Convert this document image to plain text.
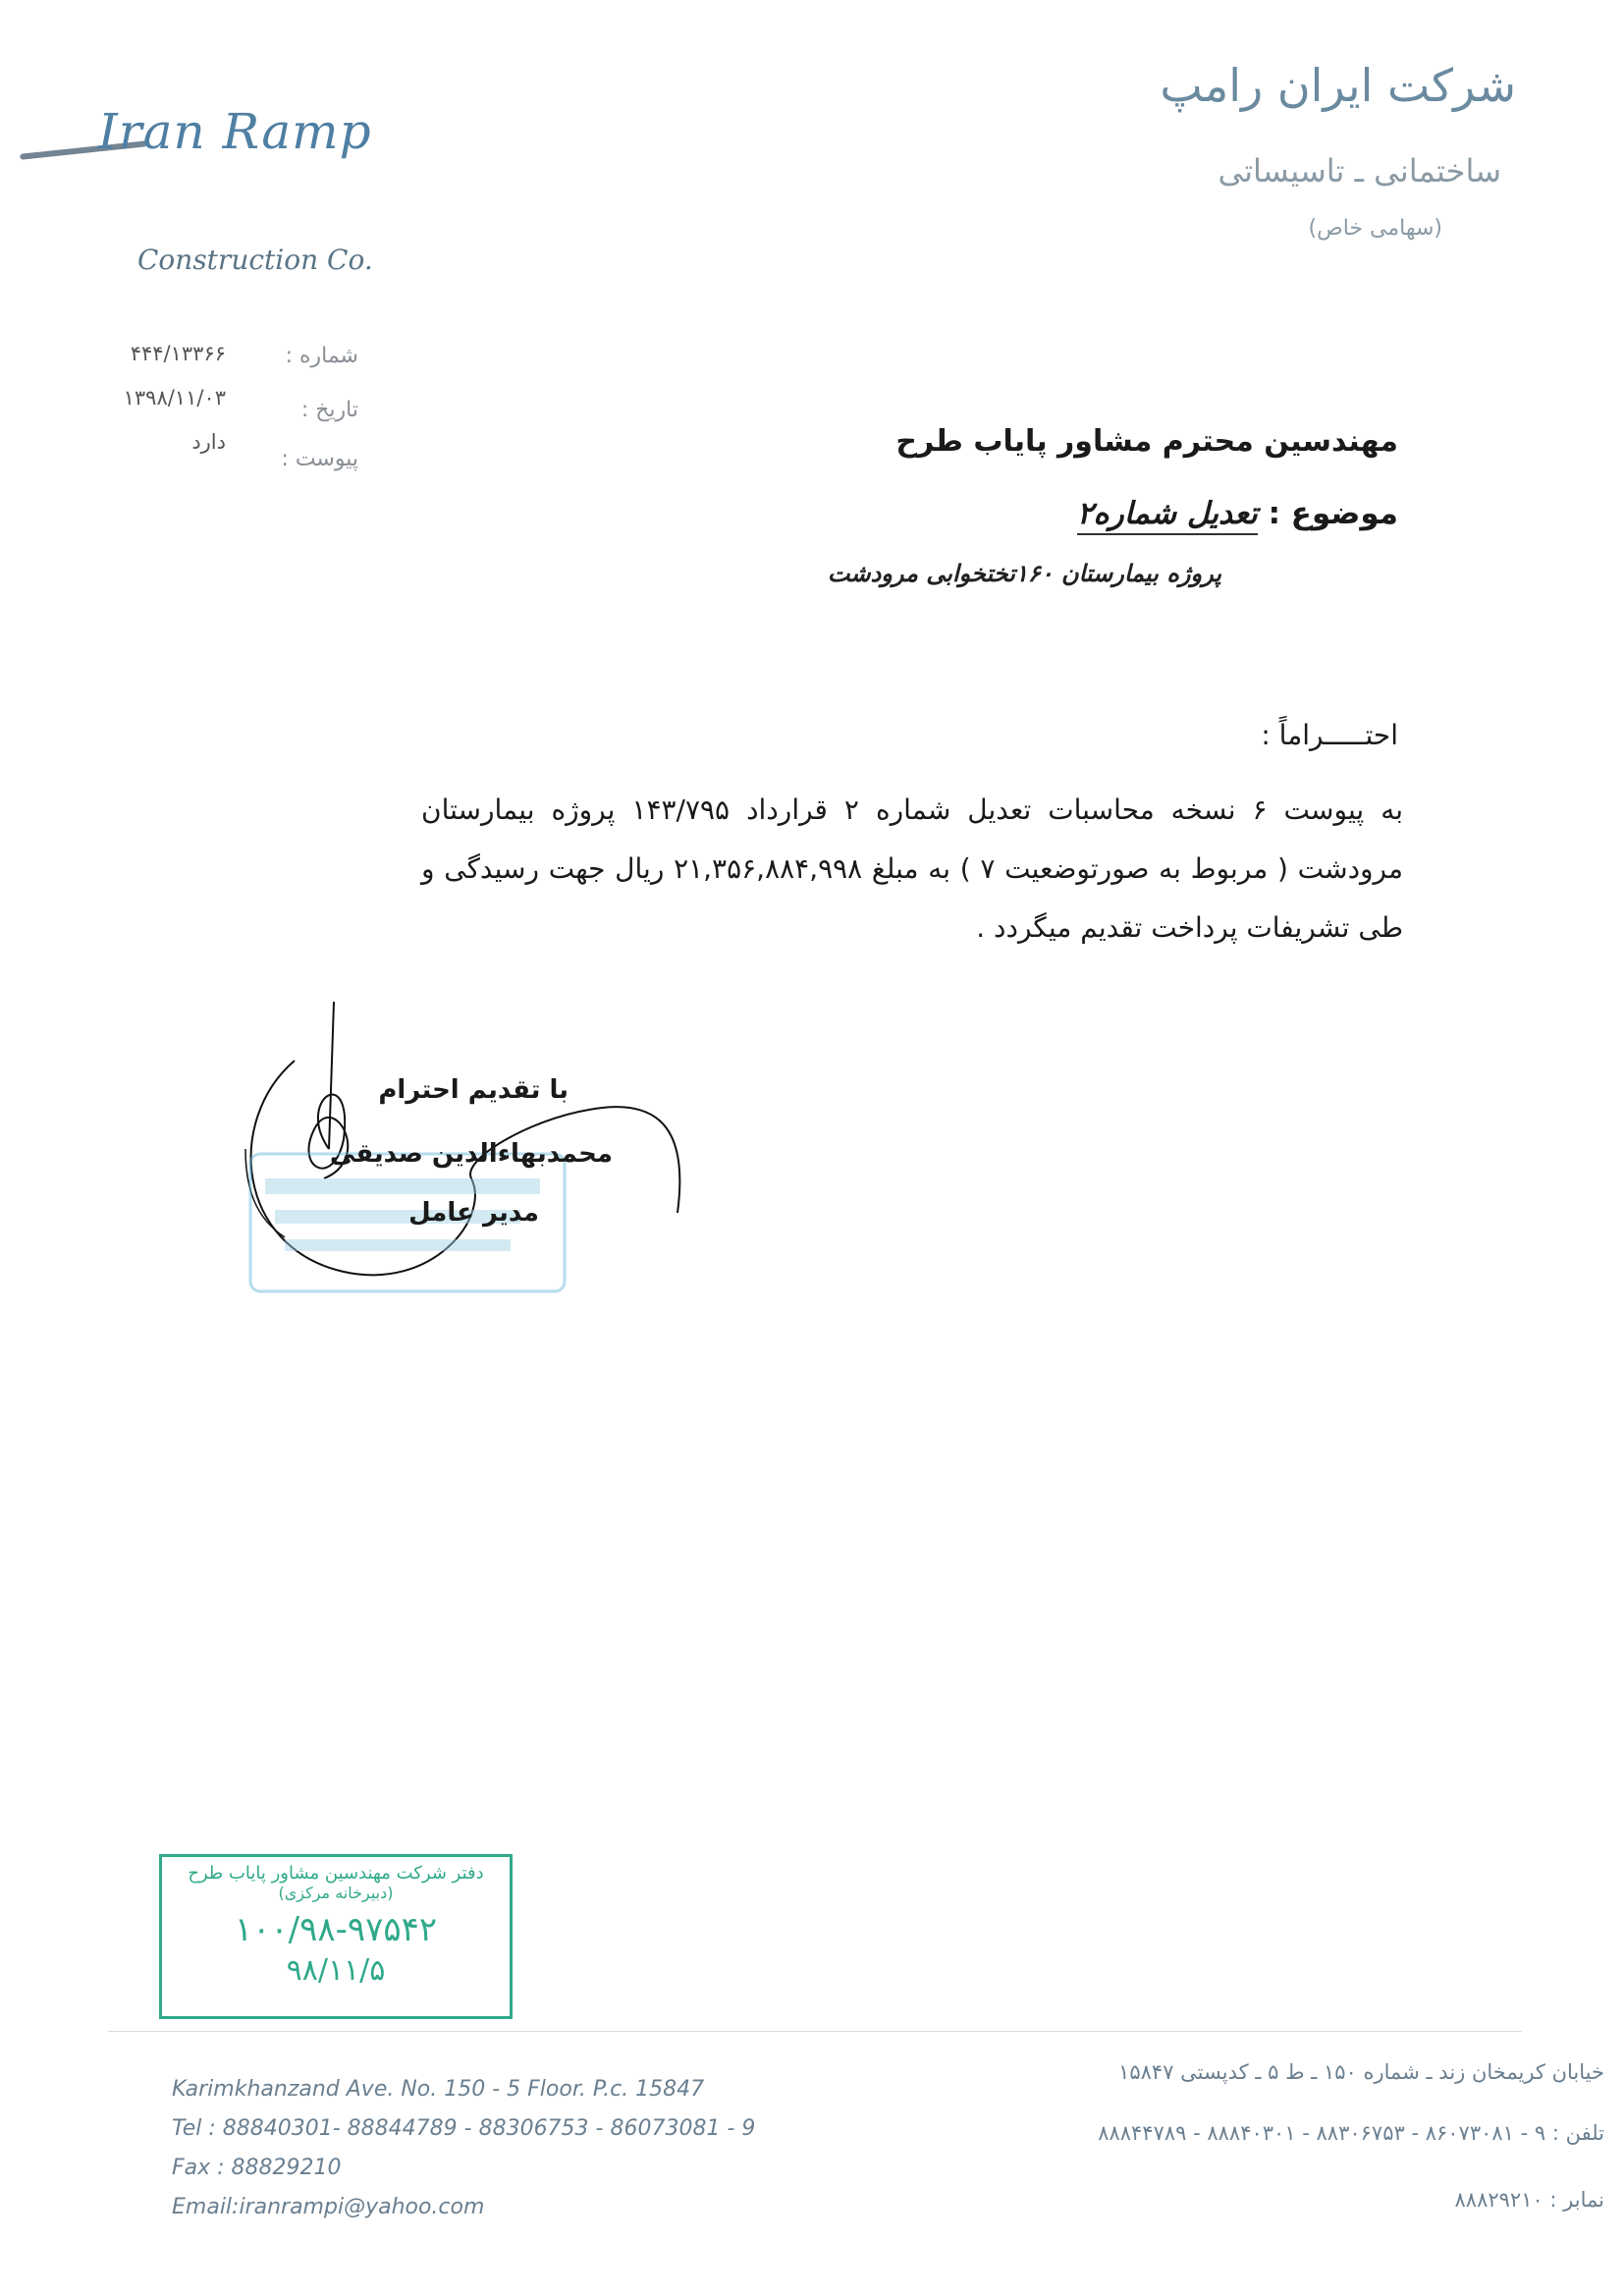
Iran Ramp
Construction Co.
شرکت ایران رامپ
ساختمانی ـ تاسیساتی
(سهامی خاص)
شماره :
۴۴۴/۱۳۳۶۶
تاریخ :
۱۳۹۸/۱۱/۰۳
پیوست :
دارد	مهندسین محترم مشاور پایاب طرح
موضوع : تعدیل شماره۲
پروژه بیمارستان ۱۶۰تختخوابی مرودشت
احتـــــراماً :
به پیوست ۶ نسخه محاسبات تعدیل شماره ۲ قرارداد ۱۴۳/۷۹۵ پروژه بیمارستان مرودشت ( مربوط به صورتوضعیت ۷ ) به مبلغ ۲۱,۳۵۶,۸۸۴,۹۹۸ ریال جهت رسیدگی و طی تشریفات پرداخت تقدیم میگردد .
با تقدیم احترام
محمدبهاءالدین صدیقی
مدیر عامل
دفتر شرکت مهندسین مشاور پایاب طرح
(دبیرخانه مرکزی)
۱۰۰/۹۸-۹۷۵۴۲
۹۸/۱۱/۵
Karimkhanzand Ave. No. 150 - 5 Floor. P.c. 15847
Tel : 88840301- 88844789 - 88306753 - 86073081 - 9
Fax : 88829210
Email:iranrampi@yahoo.com
خیابان کریمخان زند ـ شماره ۱۵۰ ـ ط ۵ ـ کدپستی ۱۵۸۴۷
تلفن : ۹ - ۸۶۰۷۳۰۸۱ - ۸۸۳۰۶۷۵۳ - ۸۸۸۴۰۳۰۱ - ۸۸۸۴۴۷۸۹
نمابر : ۸۸۸۲۹۲۱۰
